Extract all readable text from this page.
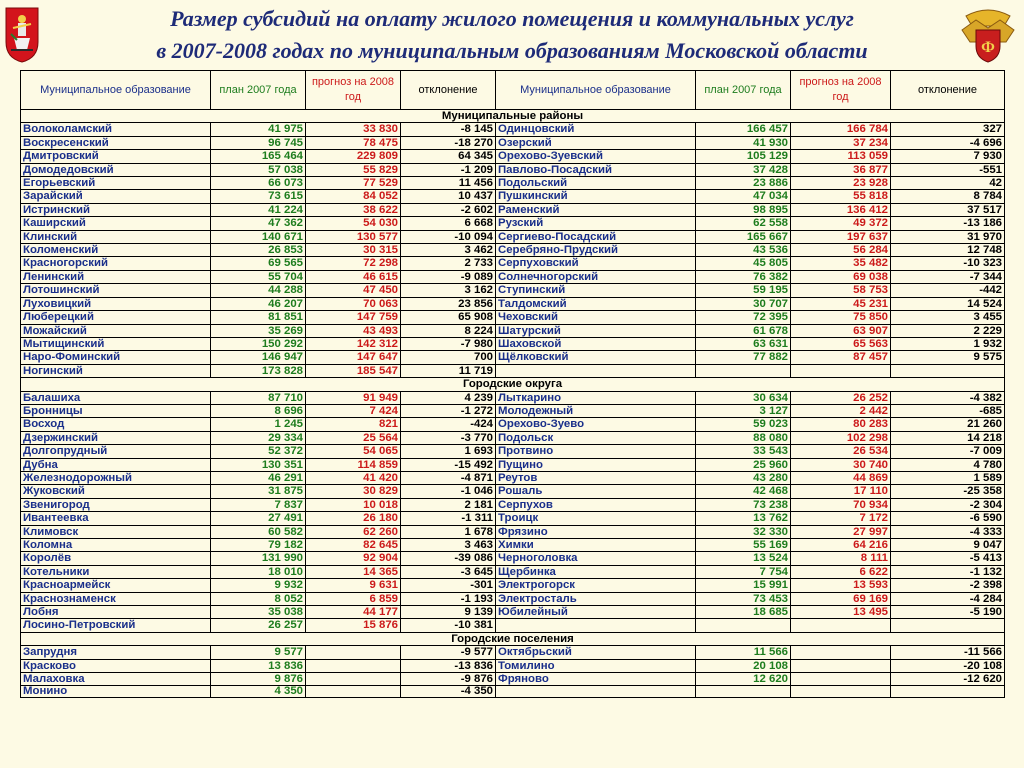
Размер субсидий на оплату жилого помещения и коммунальных услуг
в 2007-2008 годах по муниципальным образованиям Московской области	Ф
Муниципальное образование	план 2007 года	прогноз на 2008 год	отклонение	Муниципальное образование	план 2007 года	прогноз на 2008 год	отклонение
Муниципальные районы							
Волоколамский	41 975	33 830	-8 145	Одинцовский	166 457	166 784	327
Воскресенский	96 745	78 475	-18 270	Озерский	41 930	37 234	-4 696
Дмитровский	165 464	229 809	64 345	Орехово-Зуевский	105 129	113 059	7 930
Домодедовский	57 038	55 829	-1 209	Павлово-Посадский	37 428	36 877	-551
Егорьевский	66 073	77 529	11 456	Подольский	23 886	23 928	42
Зарайский	73 615	84 052	10 437	Пушкинский	47 034	55 818	8 784
Истринский	41 224	38 622	-2 602	Раменский	98 895	136 412	37 517
Каширский	47 362	54 030	6 668	Рузский	62 558	49 372	-13 186
Клинский	140 671	130 577	-10 094	Сергиево-Посадский	165 667	197 637	31 970
Коломенский	26 853	30 315	3 462	Серебряно-Прудский	43 536	56 284	12 748
Красногорский	69 565	72 298	2 733	Серпуховский	45 805	35 482	-10 323
Ленинский	55 704	46 615	-9 089	Солнечногорский	76 382	69 038	-7 344
Лотошинский	44 288	47 450	3 162	Ступинский	59 195	58 753	-442
Луховицкий	46 207	70 063	23 856	Талдомский	30 707	45 231	14 524
Люберецкий	81 851	147 759	65 908	Чеховский	72 395	75 850	3 455
Можайский	35 269	43 493	8 224	Шатурский	61 678	63 907	2 229
Мытищинский	150 292	142 312	-7 980	Шаховской	63 631	65 563	1 932
Наро-Фоминский	146 947	147 647	700	Щёлковский	77 882	87 457	9 575
Ногинский	173 828	185 547	11 719				
Городские округа							
Балашиха	87 710	91 949	4 239	Лыткарино	30 634	26 252	-4 382
Бронницы	8 696	7 424	-1 272	Молодежный	3 127	2 442	-685
Восход	1 245	821	-424	Орехово-Зуево	59 023	80 283	21 260
Дзержинский	29 334	25 564	-3 770	Подольск	88 080	102 298	14 218
Долгопрудный	52 372	54 065	1 693	Протвино	33 543	26 534	-7 009
Дубна	130 351	114 859	-15 492	Пущино	25 960	30 740	4 780
Железнодорожный	46 291	41 420	-4 871	Реутов	43 280	44 869	1 589
Жуковский	31 875	30 829	-1 046	Рошаль	42 468	17 110	-25 358
Звенигород	7 837	10 018	2 181	Серпухов	73 238	70 934	-2 304
Ивантеевка	27 491	26 180	-1 311	Троицк	13 762	7 172	-6 590
Климовск	60 582	62 260	1 678	Фрязино	32 330	27 997	-4 333
Коломна	79 182	82 645	3 463	Химки	55 169	64 216	9 047
Королёв	131 990	92 904	-39 086	Черноголовка	13 524	8 111	-5 413
Котельники	18 010	14 365	-3 645	Щербинка	7 754	6 622	-1 132
Красноармейск	9 932	9 631	-301	Электрогорск	15 991	13 593	-2 398
Краснознаменск	8 052	6 859	-1 193	Электросталь	73 453	69 169	-4 284
Лобня	35 038	44 177	9 139	Юбилейный	18 685	13 495	-5 190
Лосино-Петровский	26 257	15 876	-10 381				
Городские поселения							
Запрудня	9 577		-9 577	Октябрьский	11 566		-11 566
Красково	13 836		-13 836	Томилино	20 108		-20 108
Малаховка	9 876		-9 876	Фряново	12 620		-12 620
Монино	4 350		-4 350				
